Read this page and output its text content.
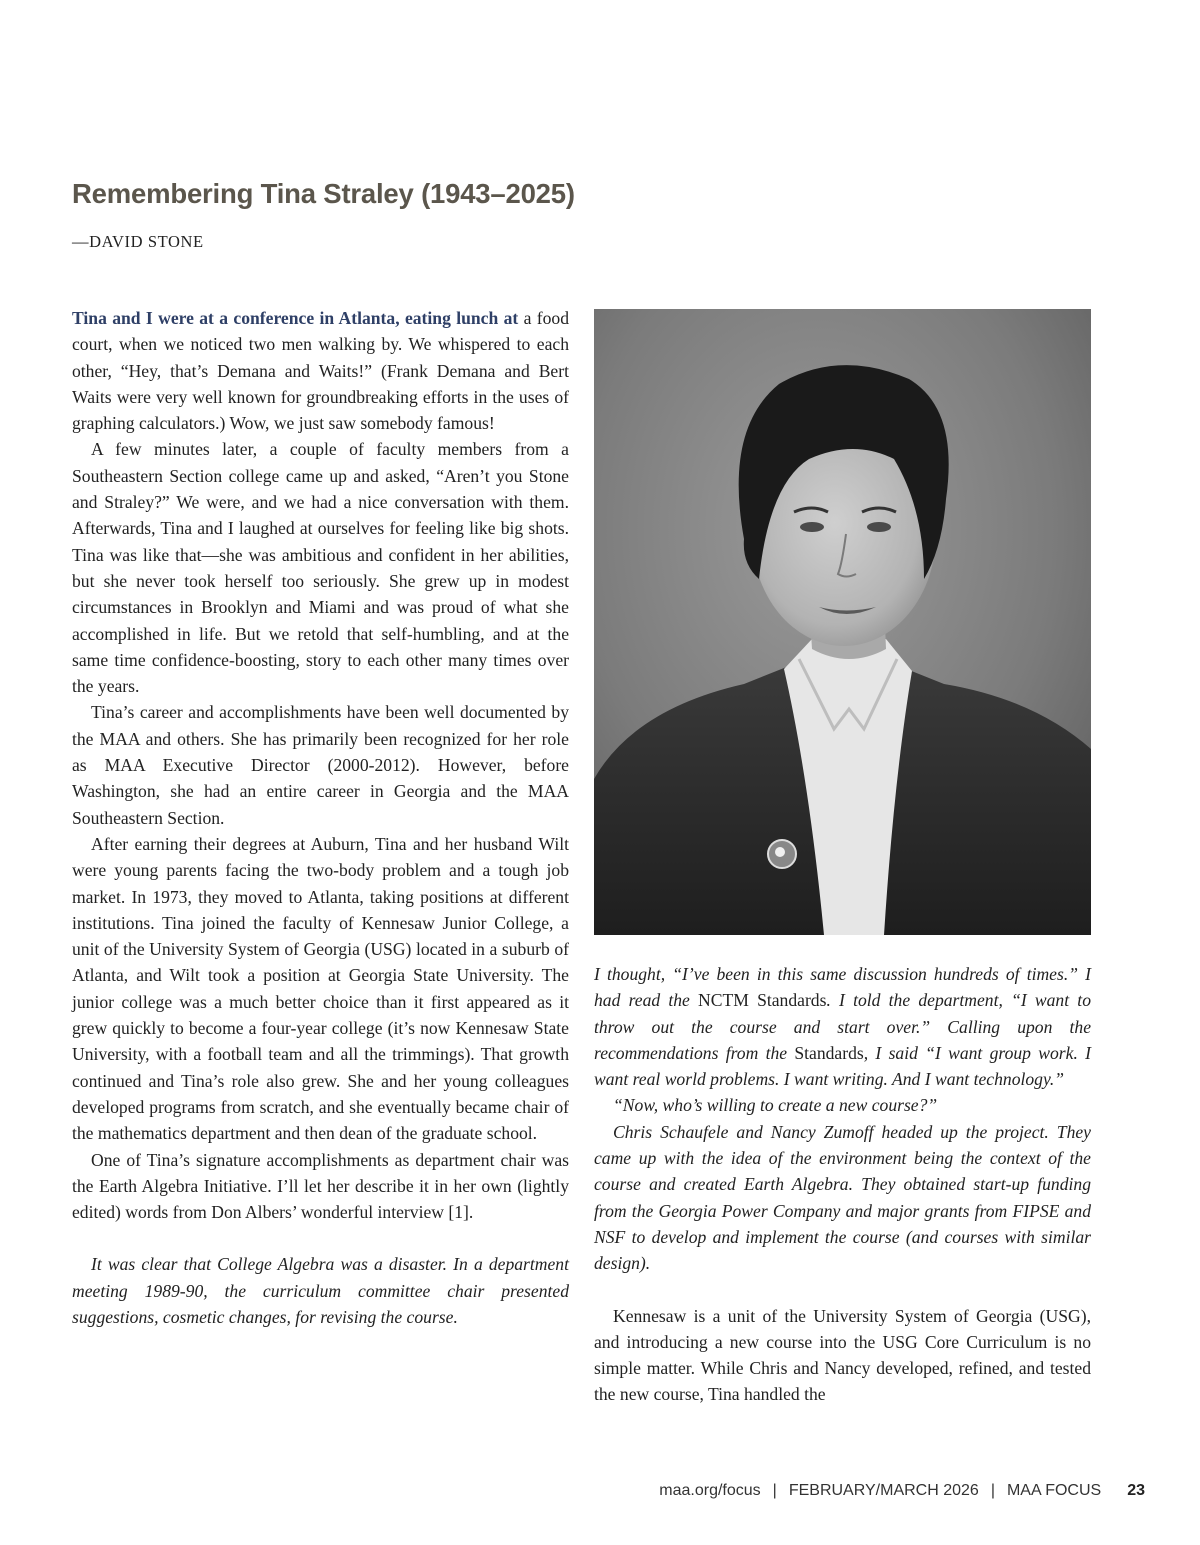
Remembering Tina Straley (1943–2025)
—DAVID STONE

Tina and I were at a conference in Atlanta, eating lunch at a food court, when we noticed two men walking by. We whispered to each other, “Hey, that’s Demana and Waits!” (Frank Demana and Bert Waits were very well known for groundbreaking efforts in the uses of graphing calculators.) Wow, we just saw somebody famous!

A few minutes later, a couple of faculty members from a Southeastern Section college came up and asked, “Aren’t you Stone and Straley?” We were, and we had a nice conversation with them. Afterwards, Tina and I laughed at ourselves for feeling like big shots. Tina was like that—she was ambitious and confident in her abilities, but she never took herself too seriously. She grew up in modest circumstances in Brooklyn and Miami and was proud of what she accomplished in life. But we retold that self-humbling, and at the same time confidence-boosting, story to each other many times over the years.

Tina’s career and accomplishments have been well documented by the MAA and others. She has primarily been recognized for her role as MAA Executive Director (2000-2012). However, before Washington, she had an entire career in Georgia and the MAA Southeastern Section.

After earning their degrees at Auburn, Tina and her husband Wilt were young parents facing the two-body problem and a tough job market. In 1973, they moved to Atlanta, taking positions at different institutions. Tina joined the faculty of Kennesaw Junior College, a unit of the University System of Georgia (USG) located in a suburb of Atlanta, and Wilt took a position at Georgia State University. The junior college was a much better choice than it first appeared as it grew quickly to become a four-year college (it’s now Kennesaw State University, with a football team and all the trimmings). That growth continued and Tina’s role also grew. She and her young colleagues developed programs from scratch, and she eventually became chair of the mathematics department and then dean of the graduate school.

One of Tina’s signature accomplishments as department chair was the Earth Algebra Initiative. I’ll let her describe it in her own (lightly edited) words from Don Albers’ wonderful interview [1].

It was clear that College Algebra was a disaster. In a department meeting 1989-90, the curriculum committee chair presented suggestions, cosmetic changes, for revising the course.

I thought, “I’ve been in this same discussion hundreds of times.” I had read the NCTM Standards. I told the department, “I want to throw out the course and start over.” Calling upon the recommendations from the Standards, I said “I want group work. I want real world problems. I want writing. And I want technology.”

“Now, who’s willing to create a new course?”

Chris Schaufele and Nancy Zumoff headed up the project. They came up with the idea of the environment being the context of the course and created Earth Algebra. They obtained start-up funding from the Georgia Power Company and major grants from FIPSE and NSF to develop and implement the course (and courses with similar design).

Kennesaw is a unit of the University System of Georgia (USG), and introducing a new course into the USG Core Curriculum is no simple matter. While Chris and Nancy developed, refined, and tested the new course, Tina handled the

maa.org/focus | FEBRUARY/MARCH 2026 | MAA FOCUS 23
